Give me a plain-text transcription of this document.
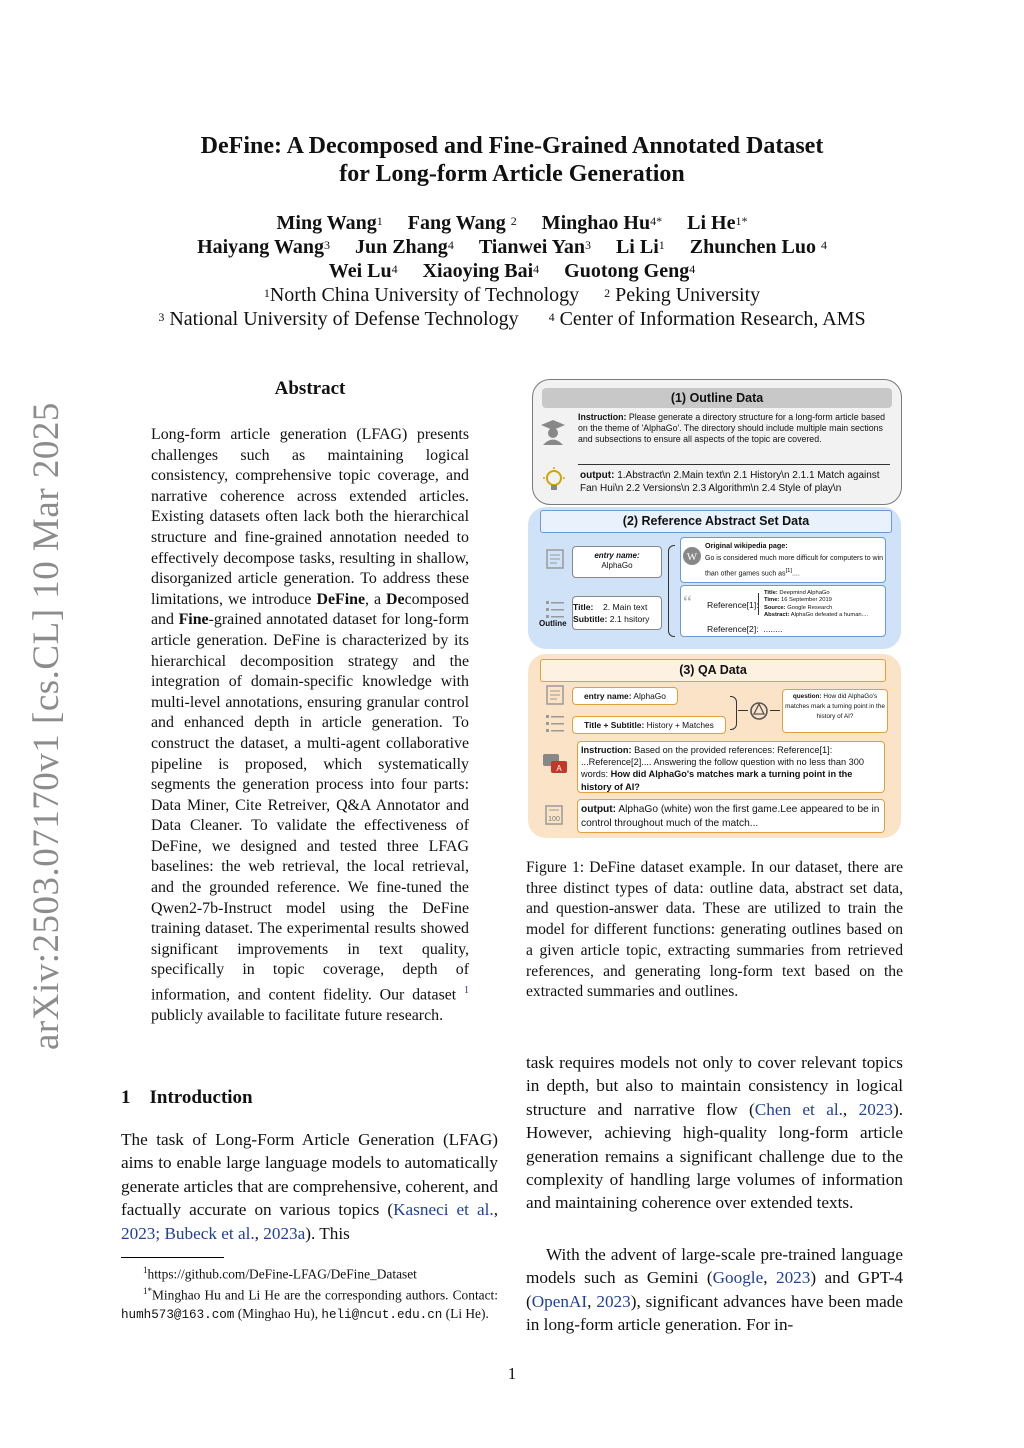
arXiv:2503.07170v1 [cs.CL] 10 Mar 2025
DeFine: A Decomposed and Fine-Grained Annotated Dataset
for Long-form Article Generation
Ming Wang$^1$ Fang Wang $^2$ Minghao $Hu^{4*}$ Li $He^{1*}$
Haiyang Wang$^3$ Jun Zhang$^4$ Tianwei Yan$^3$ Li Li$^1$ Zhunchen Luo $^4$
Wei Lu$^4$ Xiaoying Bai$^4$ Guotong Geng$^4$
$^1$North China University of Technology $^2$ Peking University
$^3$ National University of Defense Technology	$^4$ Center of Information Research, AMS
Abstract
Long-form article generation (LFAG) presents challenges such as maintaining logical consistency, comprehensive topic coverage, and narrative coherence across extended articles. Existing datasets often lack both the hierarchical structure and fine-grained annotation needed to effectively decompose tasks, resulting in shallow, disorganized article generation. To address these limitations, we introduce DeFine, a Decomposed and Fine-grained annotated dataset for long-form article generation. DeFine is characterized by its hierarchical decomposition strategy and the integration of domain-specific knowledge with multi-level annotations, ensuring granular control and enhanced depth in article generation. To construct the dataset, a multi-agent collaborative pipeline is proposed, which systematically segments the generation process into four parts: Data Miner, Cite Retreiver, Q&A Annotator and Data Cleaner. To validate the effectiveness of DeFine, we designed and tested three LFAG baselines: the web retrieval, the local retrieval, and the grounded reference. We fine-tuned the Qwen2-7b-Instruct model using the DeFine training dataset. The experimental results showed significant improvements in text quality, specifically in topic coverage, depth of information, and content fidelity. Our dataset $^1$ publicly available to facilitate future research.
1 Introduction
The task of Long-Form Article Generation (LFAG) aims to enable large language models to automatically generate articles that are comprehensive, coherent, and factually accurate on various topics (Kasneci et al., 2023; Bubeck et al., 2023a). This
$^1$https://github.com/DeFine-LFAG/DeFine_Dataset
$^{1*}$Minghao Hu and Li He are the corresponding authors. Contact: humh573@163.com (Minghao Hu), heli@ncut.edu.cn (Li He).
(1) Outline Data
Instruction: Please generate a directory structure for a long-form article based on the theme of 'AlphaGo'. The directory should include multiple main sections and subsections to ensure all aspects of the topic are covered.
output: 1.Abstract\n 2.Main text\n 2.1 History\n 2.1.1 Match against Fan Hui\n 2.2 Versions\n 2.3 Algorithm\n 2.4 Style of play\n
(2) Reference Abstract Set Data
entry name:
AlphaGo
Outline
Title: 2. Main text
Subtitle: 2.1 hsitory
Original wikipedia page:
Go is considered much more difficult for computers to win than other games such as[1]....
W
“ Reference[1]:
Title: Deepmind AlphaGo
Time: 16 September 2019
Source: Google Research
Abstract: AlphaGo defeated a human....
Reference[2]: ........
(3) QA Data
entry name: AlphaGo
Title + Subtitle: History + Matches
question: How did AlphaGo's matches mark a turning point in the history of AI?
A
Instruction: Based on the provided references: Reference[1]: ...Reference[2].... Answering the follow question with no less than 300 words: How did AlphaGo's matches mark a turning point in the history of AI?
100
output: AlphaGo (white) won the first game.Lee appeared to be in control throughout much of the match...
Figure 1: DeFine dataset example. In our dataset, there are three distinct types of data: outline data, abstract set data, and question-answer data. These are utilized to train the model for different functions: generating outlines based on a given article topic, extracting summaries from retrieved references, and generating long-form text based on the extracted summaries and outlines.
task requires models not only to cover relevant topics in depth, but also to maintain consistency in logical structure and narrative flow (Chen et al., 2023). However, achieving high-quality long-form article generation remains a significant challenge due to the complexity of handling large volumes of information and maintaining coherence over extended texts.
With the advent of large-scale pre-trained language models such as Gemini (Google, 2023) and GPT-4 (OpenAI, 2023), significant advances have been made in long-form article generation. For in-
1
